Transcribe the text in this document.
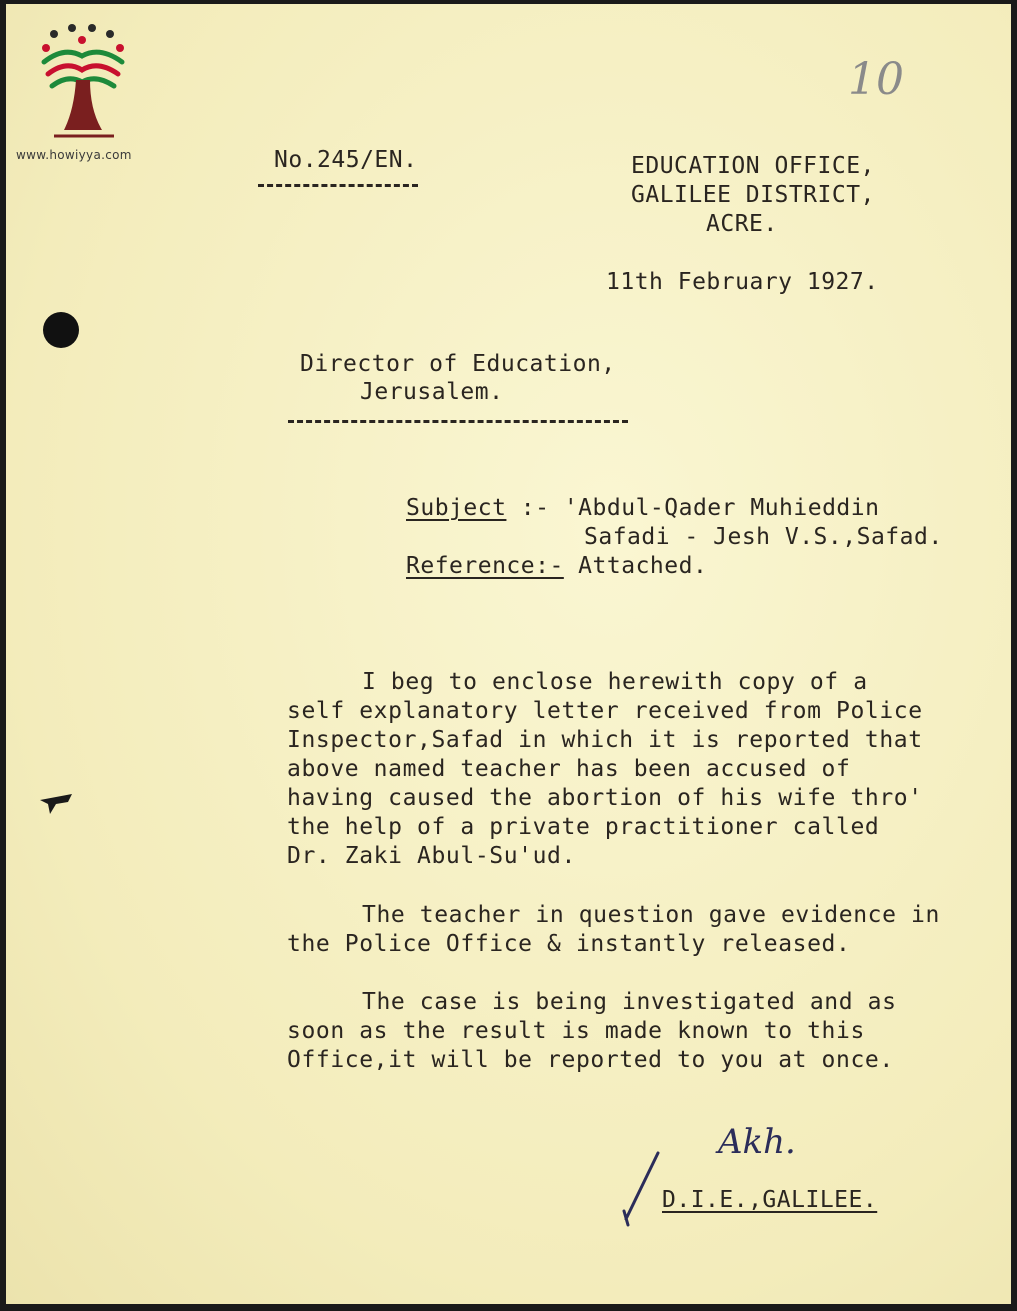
www.howiyya.com
10
No.245/EN.	EDUCATION OFFICE,
GALILEE DISTRICT,
ACRE.
11th February 1927.
Director of Education,
Jerusalem.
Subject :- 'Abdul-Qader Muhieddin
Safadi - Jesh V.S.,Safad.
Reference:- Attached.
I beg to enclose herewith copy of a
self explanatory letter received from Police
Inspector,Safad in which it is reported that
above named teacher has been accused of
having caused the abortion of his wife thro'
the help of a private practitioner called
Dr. Zaki Abul-Su'ud.
The teacher in question gave evidence in
the Police Office & instantly released.
The case is being investigated and as
soon as the result is made known to this
Office,it will be reported to you at once.
Akh.
D.I.E.,GALILEE.
